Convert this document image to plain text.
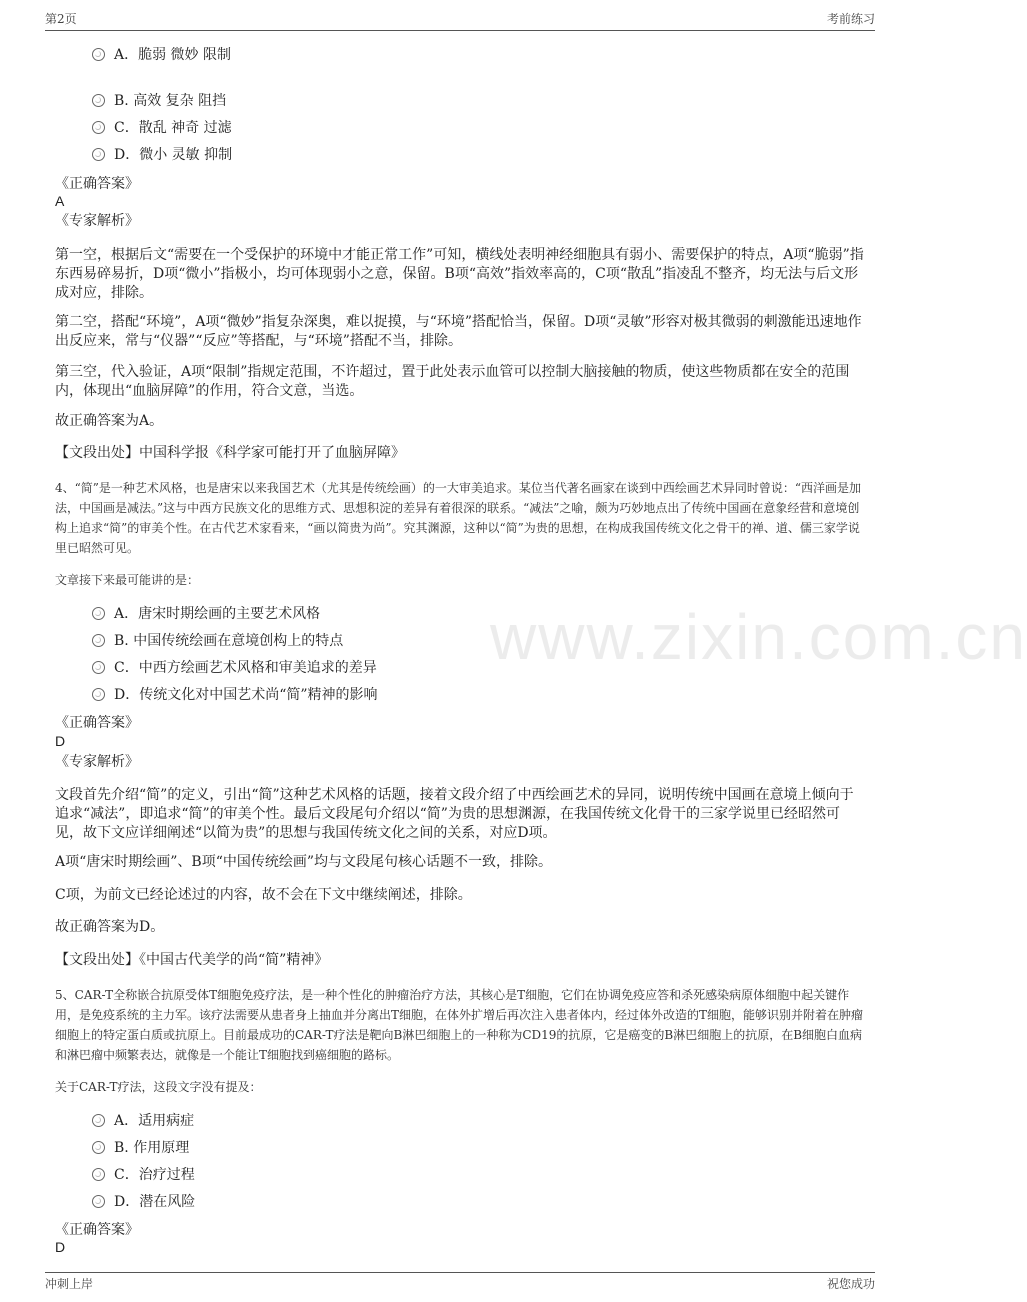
第2页	考前练习
www.zixin.com.cn
A．脆弱 微妙 限制
B. 高效 复杂 阻挡
C．散乱 神奇 过滤
D．微小 灵敏 抑制
《正确答案》
A
《专家解析》
第一空，根据后文“需要在一个受保护的环境中才能正常工作”可知，横线处表明神经细胞具有弱小、需要保护的特点，A项“脆弱”指东西易碎易折，D项“微小”指极小，均可体现弱小之意，保留。B项“高效”指效率高的，C项“散乱”指凌乱不整齐，均无法与后文形成对应，排除。
第二空，搭配“环境”，A项“微妙”指复杂深奥，难以捉摸，与“环境”搭配恰当，保留。D项“灵敏”形容对极其微弱的刺激能迅速地作出反应来，常与“仪器”“反应”等搭配，与“环境”搭配不当，排除。
第三空，代入验证，A项“限制”指规定范围，不许超过，置于此处表示血管可以控制大脑接触的物质，使这些物质都在安全的范围内，体现出“血脑屏障”的作用，符合文意，当选。
故正确答案为A。
【文段出处】中国科学报《科学家可能打开了血脑屏障》
4、“简”是一种艺术风格，也是唐宋以来我国艺术（尤其是传统绘画）的一大审美追求。某位当代著名画家在谈到中西绘画艺术异同时曾说：“西洋画是加法，中国画是减法。”这与中西方民族文化的思维方式、思想积淀的差异有着很深的联系。“减法”之喻，颇为巧妙地点出了传统中国画在意象经营和意境创构上追求“简”的审美个性。在古代艺术家看来，“画以简贵为尚”。究其渊源，这种以“简”为贵的思想，在构成我国传统文化之骨干的禅、道、儒三家学说里已昭然可见。
文章接下来最可能讲的是：
A．唐宋时期绘画的主要艺术风格
B. 中国传统绘画在意境创构上的特点
C．中西方绘画艺术风格和审美追求的差异
D．传统文化对中国艺术尚“简”精神的影响
《正确答案》
D
《专家解析》
文段首先介绍“简”的定义，引出“简”这种艺术风格的话题，接着文段介绍了中西绘画艺术的异同，说明传统中国画在意境上倾向于追求“减法”，即追求“简”的审美个性。最后文段尾句介绍以“简”为贵的思想渊源，在我国传统文化骨干的三家学说里已经昭然可见，故下文应详细阐述“以简为贵”的思想与我国传统文化之间的关系，对应D项。
A项“唐宋时期绘画”、B项“中国传统绘画”均与文段尾句核心话题不一致，排除。
C项，为前文已经论述过的内容，故不会在下文中继续阐述，排除。
故正确答案为D。
【文段出处】《中国古代美学的尚“简”精神》
5、CAR-T全称嵌合抗原受体T细胞免疫疗法，是一种个性化的肿瘤治疗方法，其核心是T细胞，它们在协调免疫应答和杀死感染病原体细胞中起关键作用，是免疫系统的主力军。该疗法需要从患者身上抽血并分离出T细胞，在体外扩增后再次注入患者体内，经过体外改造的T细胞，能够识别并附着在肿瘤细胞上的特定蛋白质或抗原上。目前最成功的CAR-T疗法是靶向B淋巴细胞上的一种称为CD19的抗原，它是癌变的B淋巴细胞上的抗原，在B细胞白血病和淋巴瘤中频繁表达，就像是一个能让T细胞找到癌细胞的路标。
关于CAR-T疗法，这段文字没有提及：
A．适用病症
B. 作用原理
C．治疗过程
D．潜在风险
《正确答案》
D
冲刺上岸	祝您成功
